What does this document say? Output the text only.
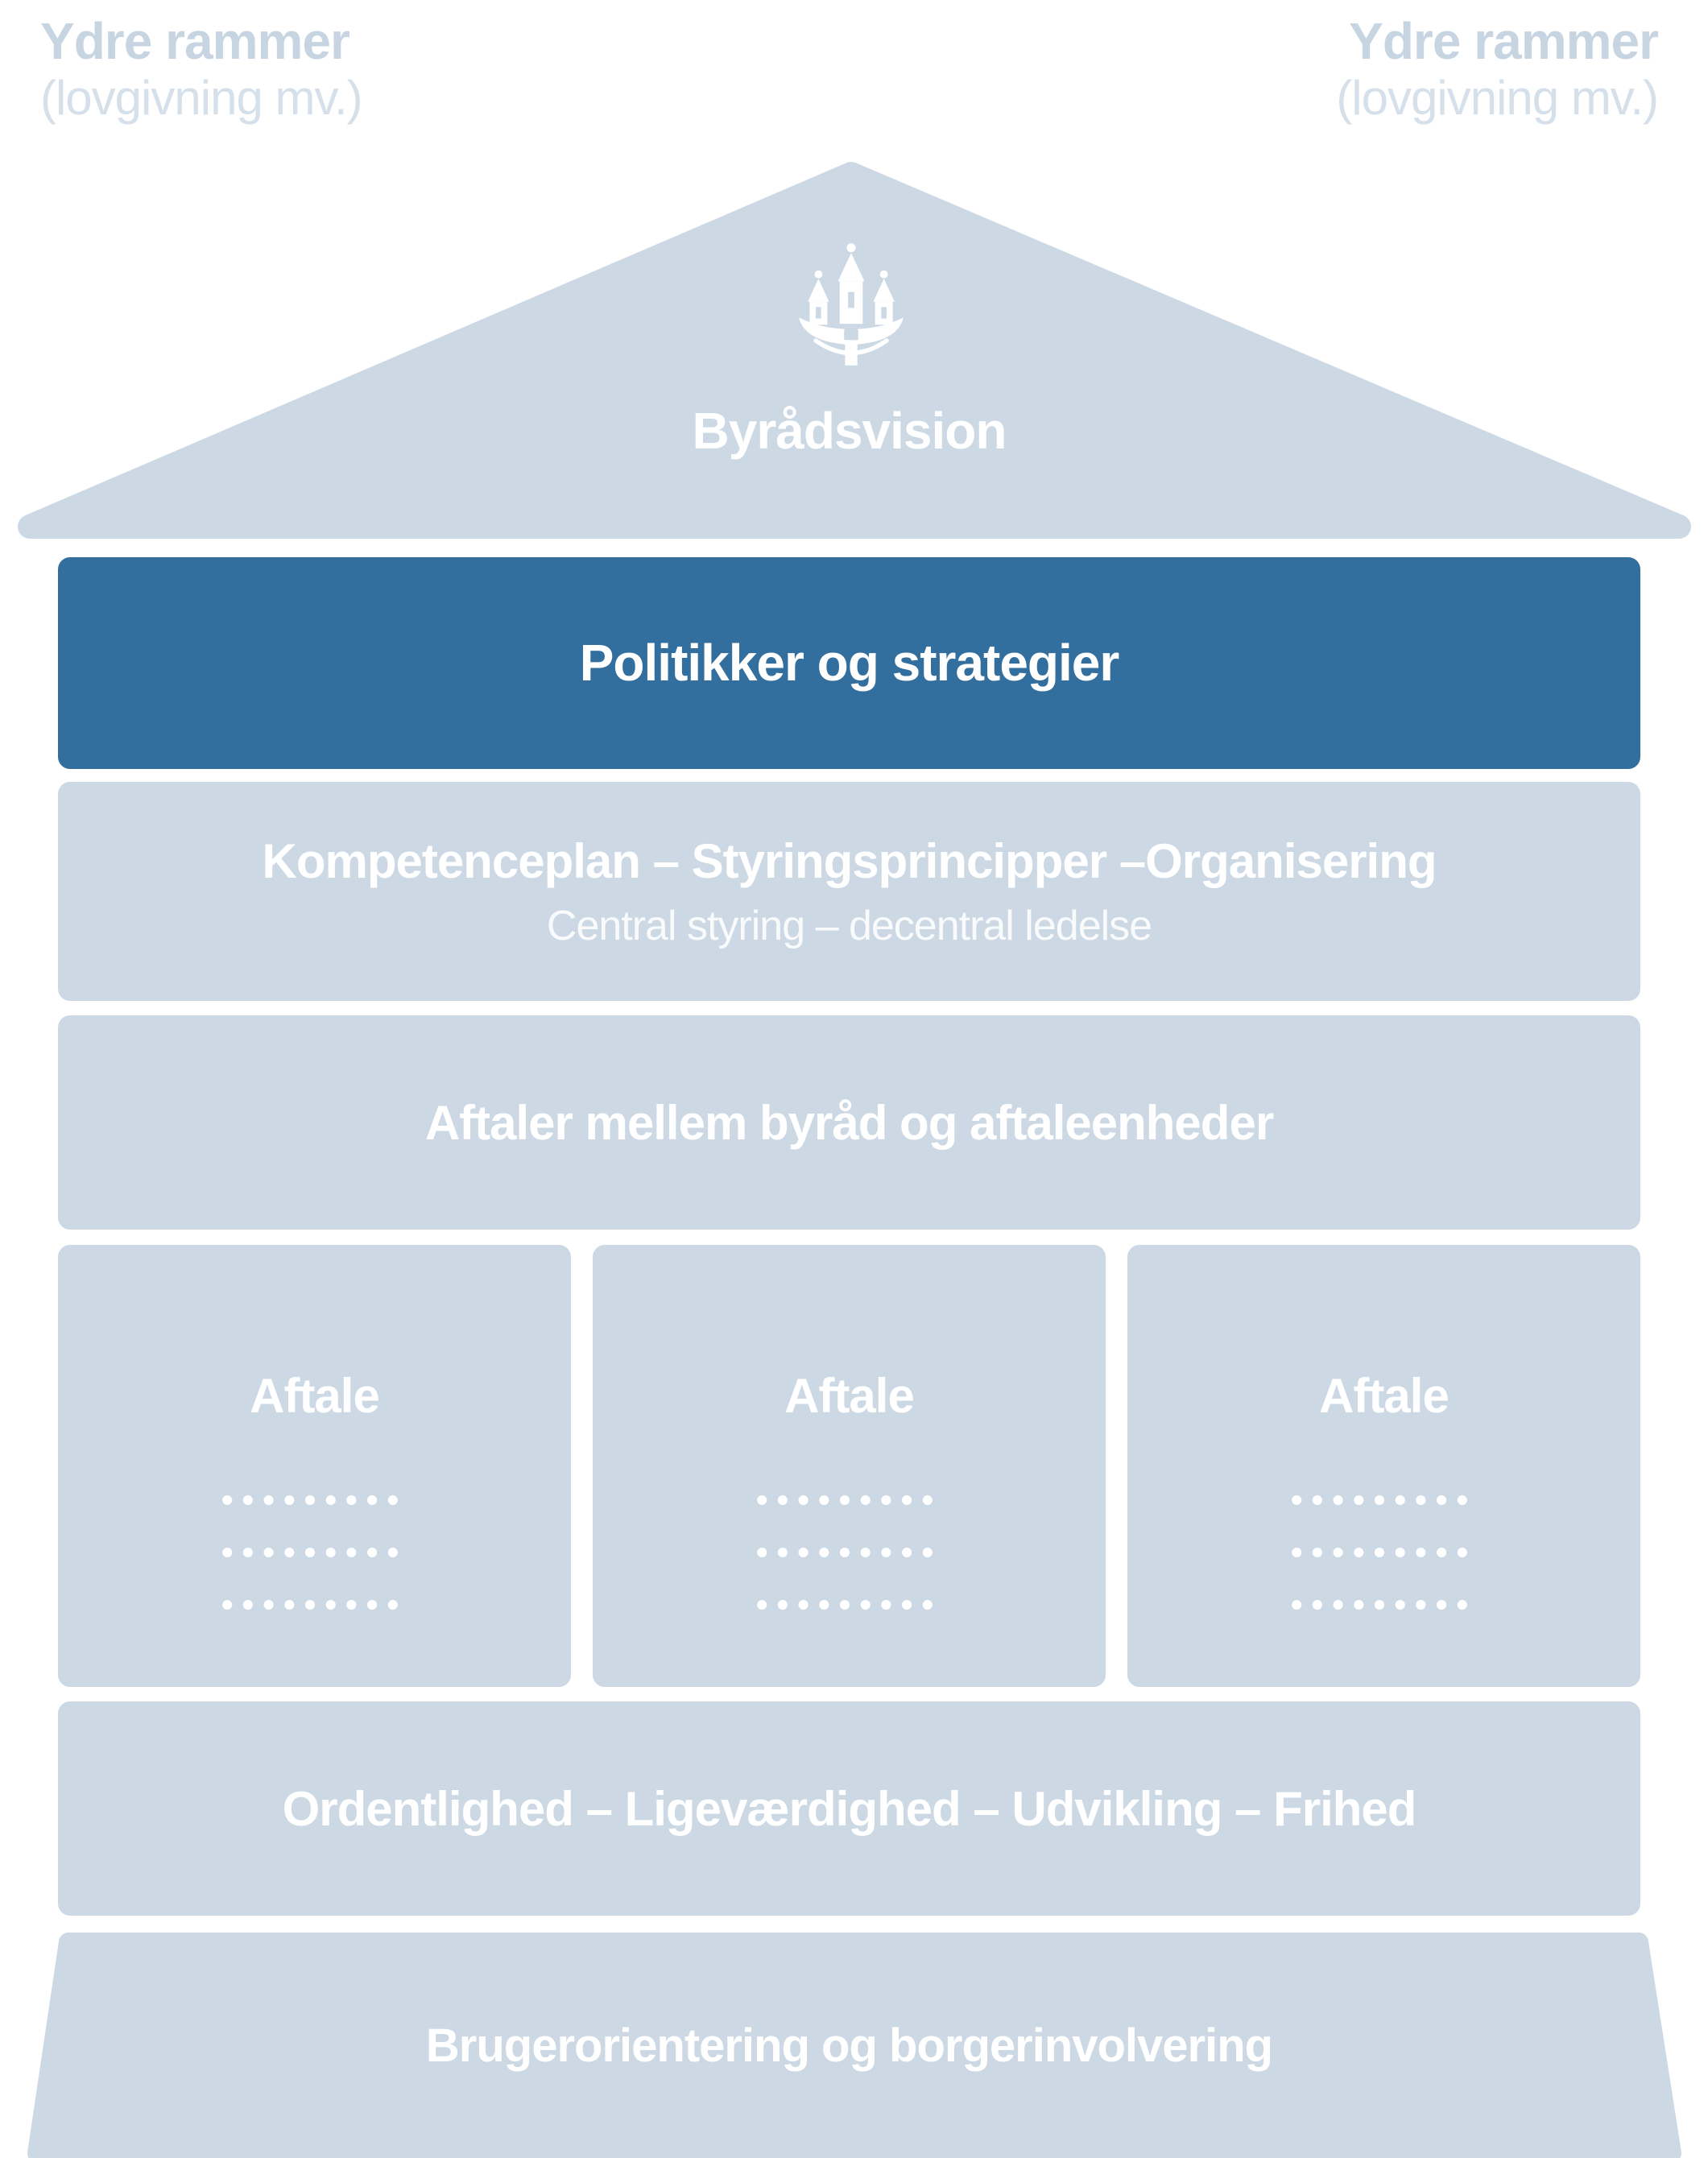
Ydre rammer
(lovgivning mv.)
Ydre rammer
(lovgivning mv.)
Byrådsvision
Politikker og strategier
Kompetenceplan – Styringsprincipper –Organisering
Central styring – decentral ledelse
Aftaler mellem byråd og aftaleenheder
Aftale
•••••••••
•••••••••
•••••••••
Aftale
•••••••••
•••••••••
•••••••••
Aftale
•••••••••
•••••••••
•••••••••
Ordentlighed – Ligeværdighed – Udvikling – Frihed
Brugerorientering og borgerinvolvering
